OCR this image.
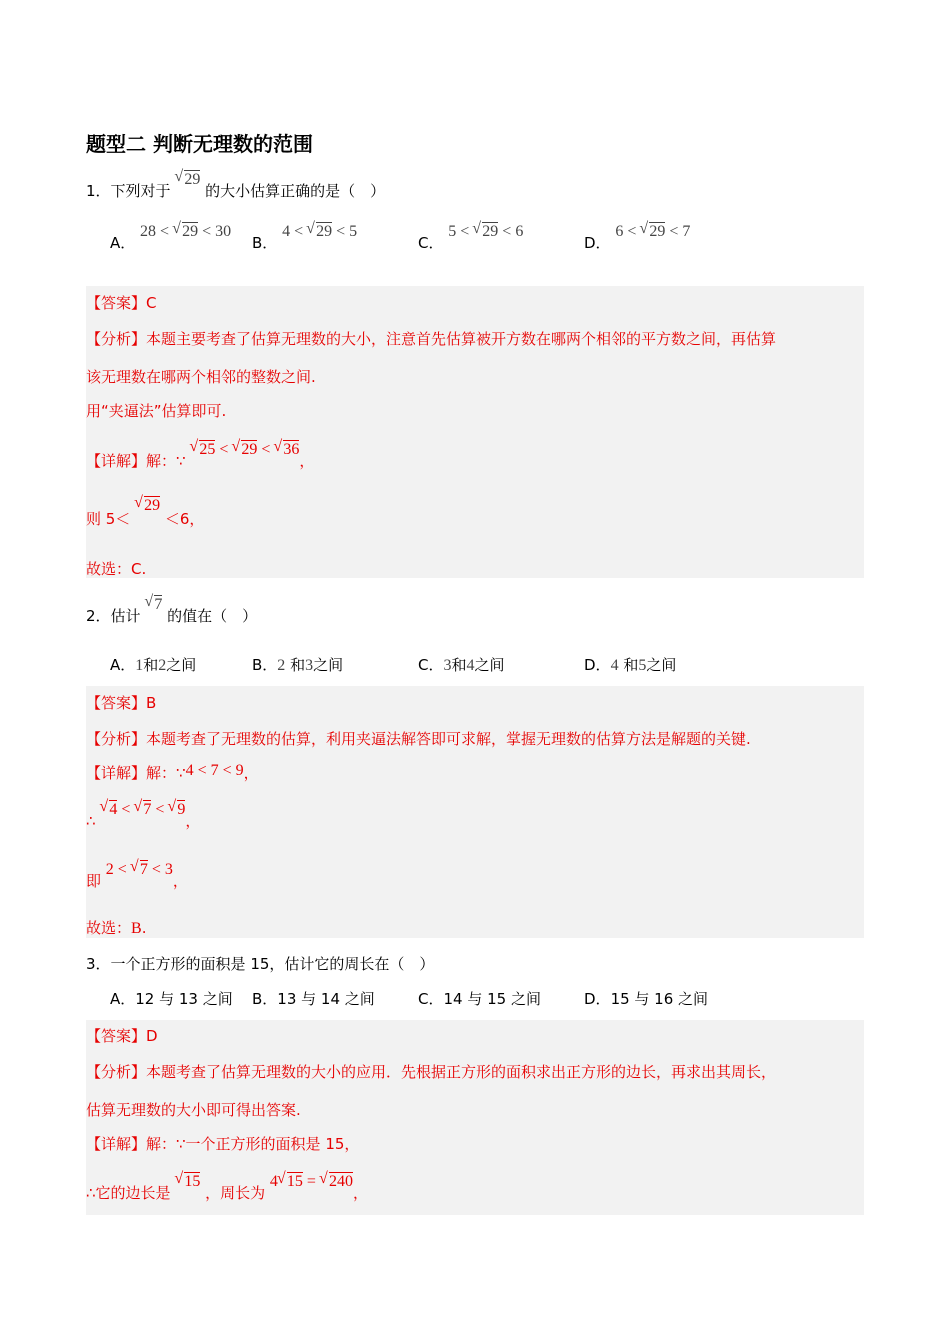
题型二 判断无理数的范围
1．下列对于 √ 29 的大小估算正确的是（　）
A． 28 < √ 29 < 30
B． 4 < √ 29 < 5
C． 5 < √ 29 < 6
D． 6 < √ 29 < 7
【答案】C
【分析】本题主要考查了估算无理数的大小，注意首先估算被开方数在哪两个相邻的平方数之间，再估算
该无理数在哪两个相邻的整数之间.
用“夹逼法”估算即可.
【详解】解：∵ √ 25 < √ 29 < √ 36，
则 5＜ √ 29 ＜6，
故选：C.
2．估计 √ 7 的值在（　）
A．1和2之间	B．2 和3之间	C．3和4之间	D．4 和5之间
【答案】B
【分析】本题考查了无理数的估算，利用夹逼法解答即可求解，掌握无理数的估算方法是解题的关键.
【详解】解：∵4 < 7 < 9，
∴ √ 4 < √ 7 < √ 9，
即 2 < √ 7 < 3，
故选：B.
3．一个正方形的面积是 15，估计它的周长在（　）
A．12 与 13 之间 B．13 与 14 之间	C．14 与 15 之间	D．15 与 16 之间
【答案】D
【分析】本题考查了估算无理数的大小的应用．先根据正方形的面积求出正方形的边长，再求出其周长，
估算无理数的大小即可得出答案.
【详解】解：∵一个正方形的面积是 15，
∴它的边长是 √ 15 ，周长为 4 √ 15 = √ 240，
